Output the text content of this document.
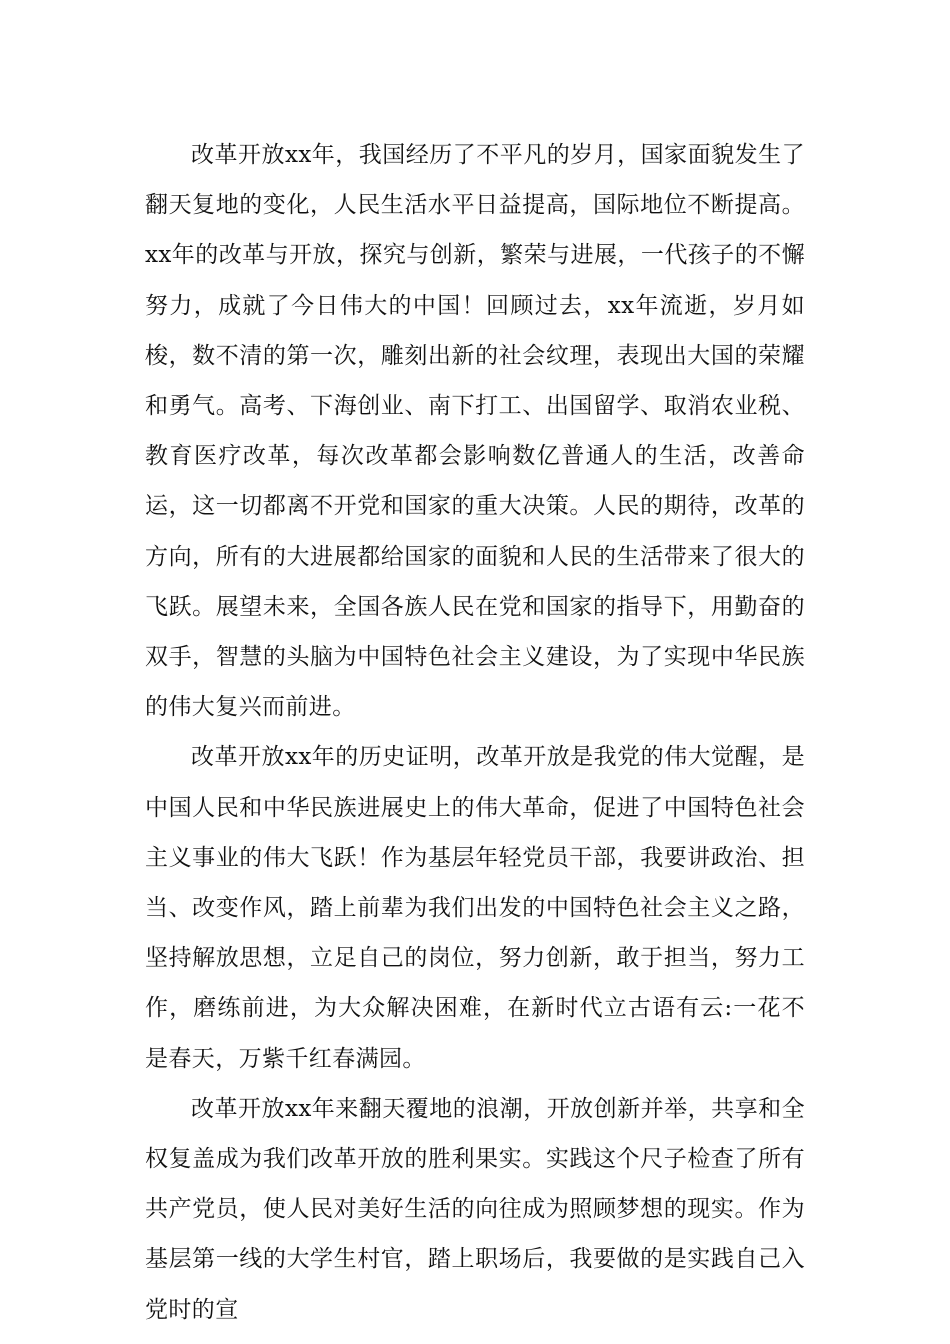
改革开放xx年，我国经历了不平凡的岁月，国家面貌发生了翻天复地的变化，人民生活水平日益提高，国际地位不断提高。xx年的改革与开放，探究与创新，繁荣与进展，一代孩子的不懈努力，成就了今日伟大的中国！回顾过去，xx年流逝，岁月如梭，数不清的第一次，雕刻出新的社会纹理，表现出大国的荣耀和勇气。高考、下海创业、南下打工、出国留学、取消农业税、教育医疗改革，每次改革都会影响数亿普通人的生活，改善命运，这一切都离不开党和国家的重大决策。人民的期待，改革的方向，所有的大进展都给国家的面貌和人民的生活带来了很大的飞跃。展望未来，全国各族人民在党和国家的指导下，用勤奋的双手，智慧的头脑为中国特色社会主义建设，为了实现中华民族的伟大复兴而前进。

改革开放xx年的历史证明，改革开放是我党的伟大觉醒，是中国人民和中华民族进展史上的伟大革命，促进了中国特色社会主义事业的伟大飞跃！作为基层年轻党员干部，我要讲政治、担当、改变作风，踏上前辈为我们出发的中国特色社会主义之路，坚持解放思想，立足自己的岗位，努力创新，敢于担当，努力工作，磨练前进，为大众解决困难，在新时代立古语有云:一花不是春天，万紫千红春满园。

改革开放xx年来翻天覆地的浪潮，开放创新并举，共享和全权复盖成为我们改革开放的胜利果实。实践这个尺子检查了所有共产党员，使人民对美好生活的向往成为照顾梦想的现实。作为基层第一线的大学生村官，踏上职场后，我要做的是实践自己入党时的宣
